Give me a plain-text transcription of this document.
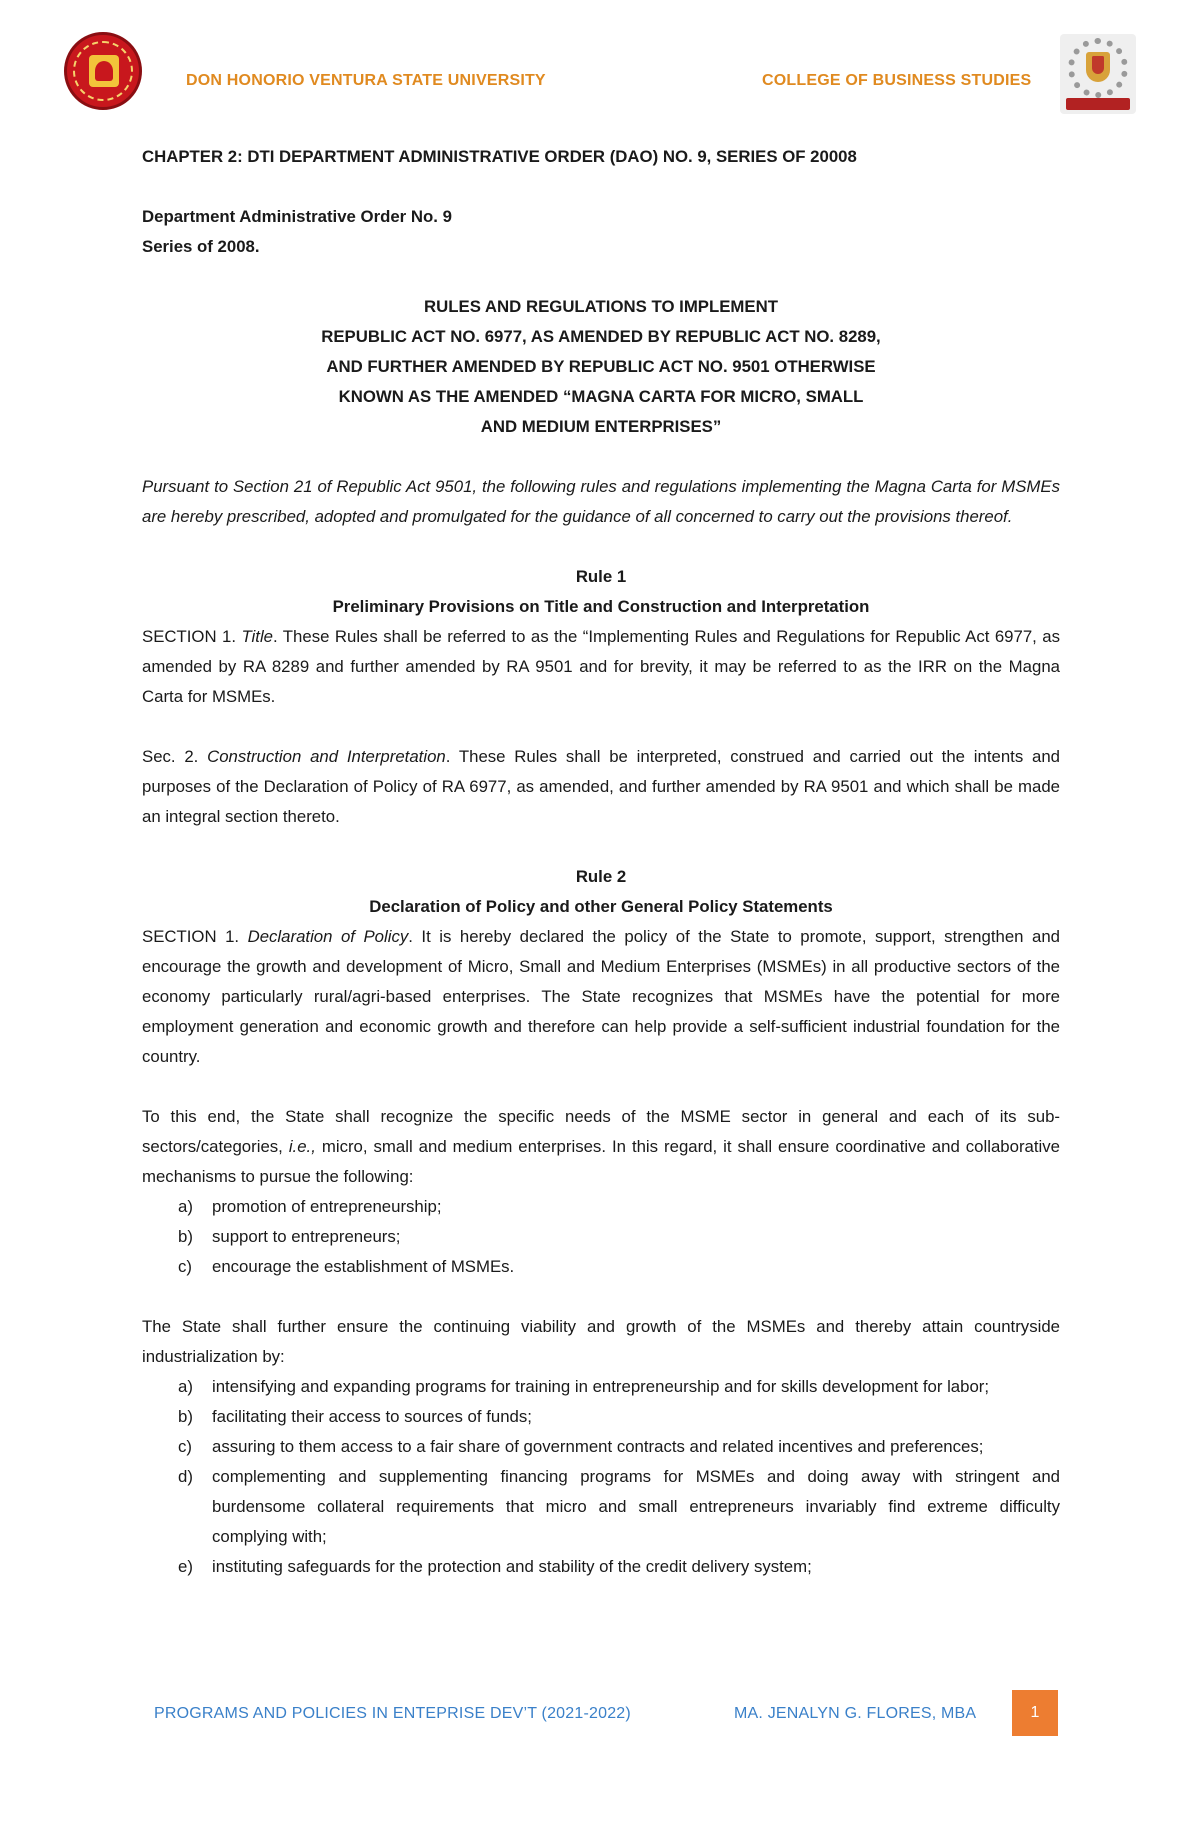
DON HONORIO VENTURA STATE UNIVERSITY	COLLEGE OF BUSINESS STUDIES

CHAPTER 2: DTI DEPARTMENT ADMINISTRATIVE ORDER (DAO) NO. 9, SERIES OF 20008

Department Administrative Order No. 9

Series of 2008.

RULES AND REGULATIONS TO IMPLEMENT

REPUBLIC ACT NO. 6977, AS AMENDED BY REPUBLIC ACT NO. 8289,

AND FURTHER AMENDED BY REPUBLIC ACT NO. 9501 OTHERWISE

KNOWN AS THE AMENDED “MAGNA CARTA FOR MICRO, SMALL

AND MEDIUM ENTERPRISES”

Pursuant to Section 21 of Republic Act 9501, the following rules and regulations implementing the Magna Carta for MSMEs are hereby prescribed, adopted and promulgated for the guidance of all concerned to carry out the provisions thereof.

Rule 1

Preliminary Provisions on Title and Construction and Interpretation

SECTION 1. Title. These Rules shall be referred to as the “Implementing Rules and Regulations for Republic Act 6977, as amended by RA 8289 and further amended by RA 9501 and for brevity, it may be referred to as the IRR on the Magna Carta for MSMEs.

Sec. 2. Construction and Interpretation. These Rules shall be interpreted, construed and carried out the intents and purposes of the Declaration of Policy of RA 6977, as amended, and further amended by RA 9501 and which shall be made an integral section thereto.

Rule 2

Declaration of Policy and other General Policy Statements

SECTION 1. Declaration of Policy. It is hereby declared the policy of the State to promote, support, strengthen and encourage the growth and development of Micro, Small and Medium Enterprises (MSMEs) in all productive sectors of the economy particularly rural/agri-based enterprises. The State recognizes that MSMEs have the potential for more employment generation and economic growth and therefore can help provide a self-sufficient industrial foundation for the country.

To this end, the State shall recognize the specific needs of the MSME sector in general and each of its sub-sectors/categories, i.e., micro, small and medium enterprises. In this regard, it shall ensure coordinative and collaborative mechanisms to pursue the following:

a) promotion of entrepreneurship;
b) support to entrepreneurs;
c) encourage the establishment of MSMEs.

The State shall further ensure the continuing viability and growth of the MSMEs and thereby attain countryside industrialization by:

a) intensifying and expanding programs for training in entrepreneurship and for skills development for labor;
b) facilitating their access to sources of funds;
c) assuring to them access to a fair share of government contracts and related incentives and preferences;
d) complementing and supplementing financing programs for MSMEs and doing away with stringent and burdensome collateral requirements that micro and small entrepreneurs invariably find extreme difficulty complying with;
e) instituting safeguards for the protection and stability of the credit delivery system;
PROGRAMS AND POLICIES IN ENTEPRISE DEV’T (2021-2022)	MA. JENALYN G. FLORES, MBA	1
